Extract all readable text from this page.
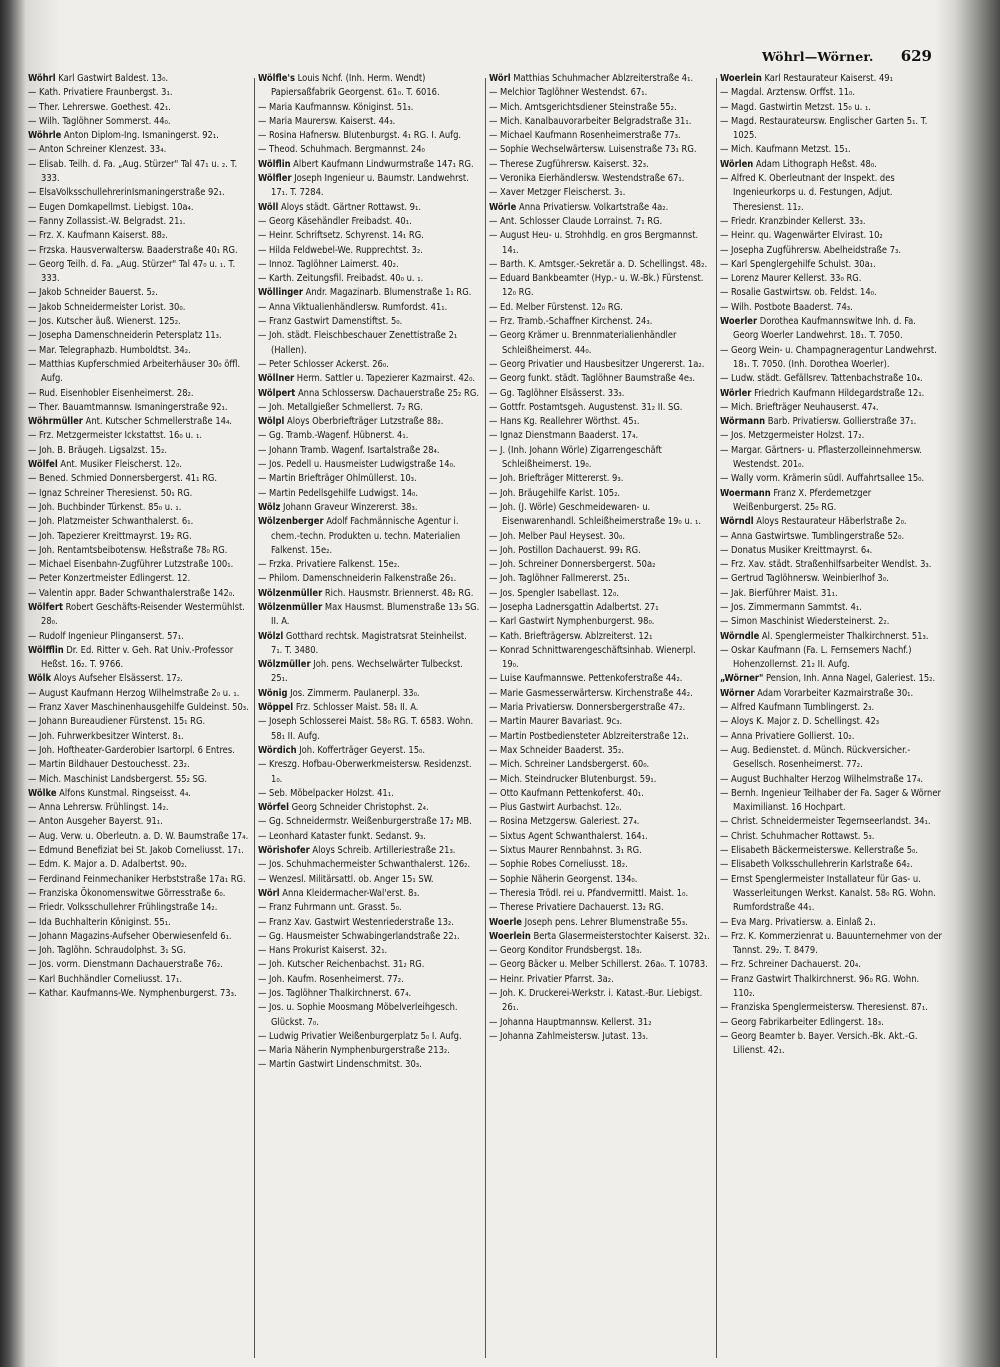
Wöhrl—Wörner. 629

Wöhrl Karl Gastwirt Baldest. 13₀.

— Kath. Privatiere Fraunbergst. 3₁.

— Ther. Lehrerswe. Goethest. 42₁.

— Wilh. Taglöhner Sommerst. 44₀.

Wöhrle Anton Diplom-Ing. Ismaningerst. 92₁.

— Anton Schreiner Klenzest. 33₄.

— Elisab. Teilh. d. Fa. „Aug. Stürzer" Tal 47₁ u. ₂. T. 333.

— ElsaVolksschullehrerinIsmaningerstraße 92₁.

— Eugen Domkapellmst. Liebigst. 10a₄.

— Fanny Zollassist.-W. Belgradst. 21₁.

— Frz. X. Kaufmann Kaiserst. 88₂.

— Frzska. Hausverwaltersw. Baaderstraße 40₁ RG.

— Georg Teilh. d. Fa. „Aug. Stürzer" Tal 47₀ u. ₁. T. 333.

— Jakob Schneider Bauerst. 5₂.

— Jakob Schneidermeister Lorist. 30₀.

— Jos. Kutscher äuß. Wienerst. 125₂.

— Josepha Damenschneiderin Petersplatz 11₃.

— Mar. Telegraphazb. Humboldtst. 34₂.

— Matthias Kupferschmied Arbeiterhäuser 30₀ öffl. Aufg.

— Rud. Eisenhobler Eisenheimerst. 28₂.

— Ther. Bauamtmannsw. Ismaningerstraße 92₁.

Wöhrmüller Ant. Kutscher Schmellerstraße 14₄.

— Frz. Metzgermeister Ickstattst. 16₀ u. ₁.

— Joh. B. Bräugeh. Ligsalzst. 15₂.

Wölfel Ant. Musiker Fleischerst. 12₀.

— Bened. Schmied Donnersbergerst. 41₁ RG.

— Ignaz Schreiner Theresienst. 50₁ RG.

— Joh. Buchbinder Türkenst. 85₀ u. ₁.

— Joh. Platzmeister Schwanthalerst. 6₁.

— Joh. Tapezierer Kreittmayrst. 19₂ RG.

— Joh. Rentamtsbeibotensw. Heßstraße 78₀ RG.

— Michael Eisenbahn-Zugführer Lutzstraße 100₁.

— Peter Konzertmeister Edlingerst. 12.

— Valentin appr. Bader Schwanthalerstraße 142₀.

Wölfert Robert Geschäfts-Reisender Westermühlst. 28₀.

— Rudolf Ingenieur Plinganserst. 57₁.

Wölfflin Dr. Ed. Ritter v. Geh. Rat Univ.-Professor Heßst. 16₂. T. 9766.

Wölk Aloys Aufseher Elsässerst. 17₂.

— August Kaufmann Herzog Wilhelmstraße 2₀ u. ₁.

— Franz Xaver Maschinenhausgehilfe Guldeinst. 50₃.

— Johann Bureaudiener Fürstenst. 15₁ RG.

— Joh. Fuhrwerkbesitzer Winterst. 8₁.

— Joh. Hoftheater-Garderobier Isartorpl. 6 Entres.

— Martin Bildhauer Destouchesst. 23₂.

— Mich. Maschinist Landsbergerst. 55₂ SG.

Wölke Alfons Kunstmal. Ringseisst. 4₄.

— Anna Lehrersw. Frühlingst. 14₂.

— Anton Ausgeher Bayerst. 91₁.

— Aug. Verw. u. Oberleutn. a. D. W. Baumstraße 17₄.

— Edmund Benefiziat bei St. Jakob Corneliusst. 17₁.

— Edm. K. Major a. D. Adalbertst. 90₂.

— Ferdinand Feinmechaniker Herbststraße 17a₁ RG.

— Franziska Ökonomenswitwe Görresstraße 6₀.

— Friedr. Volksschullehrer Frühlingstraße 14₂.

— Ida Buchhalterin Königinst. 55₁.

— Johann Magazins-Aufseher Oberwiesenfeld 6₁.

— Joh. Taglöhn. Schraudolphst. 3₁ SG.

— Jos. vorm. Dienstmann Dachauerstraße 76₂.

— Karl Buchhändler Corneliusst. 17₁.

— Kathar. Kaufmanns-We. Nymphenburgerst. 73₃.

Wölfle's Louis Nchf. (Inh. Herm. Wendt) Papiersaßfabrik Georgenst. 61₀. T. 6016.

— Maria Kaufmannsw. Königinst. 51₃.

— Maria Maurersw. Kaiserst. 44₃.

— Rosina Hafnersw. Blutenburgst. 4₁ RG. I. Aufg.

— Theod. Schuhmach. Bergmannst. 24₀

Wölflin Albert Kaufmann Lindwurmstraße 147₁ RG.

Wölfler Joseph Ingenieur u. Baumstr. Landwehrst. 17₁. T. 7284.

Wöll Aloys städt. Gärtner Rottawst. 9₁.

— Georg Käsehändler Freibadst. 40₁.

— Heinr. Schriftsetz. Schyrenst. 14₁ RG.

— Hilda Feldwebel-We. Rupprechtst. 3₂.

— Innoz. Taglöhner Laimerst. 40₂.

— Karth. Zeitungsfil. Freibadst. 40₀ u. ₁.

Wöllinger Andr. Magazinarb. Blumenstraße 1₁ RG.

— Anna Viktualienhändlersw. Rumfordst. 41₁.

— Franz Gastwirt Damenstiftst. 5₀.

— Joh. städt. Fleischbeschauer Zenettistraße 2₁ (Hallen).

— Peter Schlosser Ackerst. 26₀.

Wöllner Herm. Sattler u. Tapezierer Kazmairst. 42₀.

Wölpert Anna Schlossersw. Dachauerstraße 25₂ RG.

— Joh. Metallgießer Schmellerst. 7₂ RG.

Wölpl Aloys Oberbriefträger Lutzstraße 88₂.

— Gg. Tramb.-Wagenf. Hübnerst. 4₁.

— Johann Tramb. Wagenf. Isartalstraße 28₄.

— Jos. Pedell u. Hausmeister Ludwigstraße 14₀.

— Martin Briefträger Ohlmüllerst. 10₃.

— Martin Pedellsgehilfe Ludwigst. 14₀.

Wölz Johann Graveur Winzererst. 38₃.

Wölzenberger Adolf Fachmännische Agentur i. chem.-techn. Produkten u. techn. Materialien Falkenst. 15e₂.

— Frzka. Privatiere Falkenst. 15e₂.

— Philom. Damenschneiderin Falkenstraße 26₁.

Wölzenmüller Rich. Hausmstr. Briennerst. 48₂ RG.

Wölzenmüller Max Hausmst. Blumenstraße 13₃ SG. II. A.

Wölzl Gotthard rechtsk. Magistratsrat Steinheilst. 7₁. T. 3480.

Wölzmüller Joh. pens. Wechselwärter Tulbeckst. 25₁.

Wönig Jos. Zimmerm. Paulanerpl. 33₀.

Wöppel Frz. Schlosser Maist. 58₁ II. A.

— Joseph Schlosserei Maist. 58₀ RG. T. 6583. Wohn. 58₁ II. Aufg.

Wördich Joh. Kofferträger Geyerst. 15₀.

— Kreszg. Hofbau-Oberwerkmeistersw. Residenzst. 1₀.

— Seb. Möbelpacker Holzst. 41₁.

Wörfel Georg Schneider Christophst. 2₄.

— Gg. Schneidermstr. Weißenburgerstraße 17₂ MB.

— Leonhard Kataster funkt. Sedanst. 9₃.

Wörishofer Aloys Schreib. Artilleriestraße 21₃.

— Jos. Schuhmachermeister Schwanthalerst. 126₂.

— Wenzesl. Militärsattl. ob. Anger 15₁ SW.

Wörl Anna Kleidermacher-Wal'erst. 8₃.

— Franz Fuhrmann unt. Grasst. 5₀.

— Franz Xav. Gastwirt Westenriederstraße 13₂.

— Gg. Hausmeister Schwabingerlandstraße 22₁.

— Hans Prokurist Kaiserst. 32₁.

— Joh. Kutscher Reichenbachst. 31₂ RG.

— Joh. Kaufm. Rosenheimerst. 77₂.

— Jos. Taglöhner Thalkirchnerst. 67₄.

— Jos. u. Sophie Moosmang Möbelverleihgesch. Glückst. 7₀.

— Ludwig Privatier Weißenburgerplatz 5₀ I. Aufg.

— Maria Näherin Nymphenburgerstraße 213₂.

— Martin Gastwirt Lindenschmitst. 30₃.

Wörl Matthias Schuhmacher Ablzreiterstraße 4₁.

— Melchior Taglöhner Westendst. 67₁.

— Mich. Amtsgerichtsdiener Steinstraße 55₂.

— Mich. Kanalbauvorarbeiter Belgradstraße 31₁.

— Michael Kaufmann Rosenheimerstraße 77₃.

— Sophie Wechselwärtersw. Luisenstraße 73₁ RG.

— Therese Zugführersw. Kaiserst. 32₃.

— Veronika Eierhändlersw. Westendstraße 67₁.

— Xaver Metzger Fleischerst. 3₁.

Wörle Anna Privatiersw. Volkartstraße 4a₂.

— Ant. Schlosser Claude Lorrainst. 7₁ RG.

— August Heu- u. Strohhdlg. en gros Bergmannst. 14₁.

— Barth. K. Amtsger.-Sekretär a. D. Schellingst. 48₂.

— Eduard Bankbeamter (Hyp.- u. W.-Bk.) Fürstenst. 12₀ RG.

— Ed. Melber Fürstenst. 12₀ RG.

— Frz. Tramb.-Schaffner Kirchenst. 24₃.

— Georg Krämer u. Brennmaterialienhändler Schleißheimerst. 44₀.

— Georg Privatier und Hausbesitzer Ungererst. 1a₂.

— Georg funkt. städt. Taglöhner Baumstraße 4e₃.

— Gg. Taglöhner Elsässerst. 33₃.

— Gottfr. Postamtsgeh. Augustenst. 31₂ II. SG.

— Hans Kg. Reallehrer Wörthst. 45₁.

— Ignaz Dienstmann Baaderst. 17₄.

— J. (Inh. Johann Wörle) Zigarrengeschäft Schleißheimerst. 19₀.

— Joh. Briefträger Mittererst. 9₃.

— Joh. Bräugehilfe Karlst. 105₂.

— Joh. (J. Wörle) Geschmeidewaren- u. Eisenwarenhandl. Schleißheimerstraße 19₀ u. ₁.

— Joh. Melber Paul Heysest. 30₀.

— Joh. Postillon Dachauerst. 99₁ RG.

— Joh. Schreiner Donnersbergerst. 50a₂

— Joh. Taglöhner Fallmererst. 25₁.

— Jos. Spengler Isabellast. 12₀.

— Josepha Ladnersgattin Adalbertst. 27₁

— Karl Gastwirt Nymphenburgerst. 98₀.

— Kath. Briefträgersw. Ablzreiterst. 12₁

— Konrad Schnittwarengeschäftsinhab. Wienerpl. 19₀.

— Luise Kaufmannswe. Pettenkoferstraße 44₂.

— Marie Gasmesserwärtersw. Kirchenstraße 44₂.

— Maria Privatiersw. Donnersbergerstraße 47₂.

— Martin Maurer Bavariast. 9c₃.

— Martin Postbediensteter Ablzreiterstraße 12₁.

— Max Schneider Baaderst. 35₂.

— Mich. Schreiner Landsbergerst. 60₀.

— Mich. Steindrucker Blutenburgst. 59₁.

— Otto Kaufmann Pettenkoferst. 40₁.

— Pius Gastwirt Aurbachst. 12₀.

— Rosina Metzgersw. Galeriest. 27₄.

— Sixtus Agent Schwanthalerst. 164₁.

— Sixtus Maurer Rennbahnst. 3₁ RG.

— Sophie Robes Corneliusst. 18₂.

— Sophie Näherin Georgenst. 134₀.

— Theresia Trödl. rei u. Pfandvermittl. Maist. 1₀.

— Therese Privatiere Dachauerst. 13₂ RG.

Woerle Joseph pens. Lehrer Blumenstraße 55₃.

Woerlein Berta Glasermeisterstochter Kaiserst. 32₁.

— Georg Konditor Frundsbergst. 18₃.

— Georg Bäcker u. Melber Schillerst. 26a₀. T. 10783.

— Heinr. Privatier Pfarrst. 3a₂.

— Joh. K. Druckerei-Werkstr. i. Katast.-Bur. Liebigst. 26₁.

— Johanna Hauptmannsw. Kellerst. 31₂

— Johanna Zahlmeistersw. Jutast. 13₃.

Woerlein Karl Restaurateur Kaiserst. 49₁

— Magdal. Arztensw. Orffst. 11₀.

— Magd. Gastwirtin Metzst. 15₀ u. ₁.

— Magd. Restaurateursw. Englischer Garten 5₁. T. 1025.

— Mich. Kaufmann Metzst. 15₁.

Wörlen Adam Lithograph Heßst. 48₀.

— Alfred K. Oberleutnant der Inspekt. des Ingenieurkorps u. d. Festungen, Adjut. Theresienst. 11₂.

— Friedr. Kranzbinder Kellerst. 33₃.

— Heinr. qu. Wagenwärter Elvirast. 10₂

— Josepha Zugführersw. Abelheidstraße 7₃.

— Karl Spenglergehilfe Schulst. 30a₁.

— Lorenz Maurer Kellerst. 33₀ RG.

— Rosalie Gastwirtsw. ob. Feldst. 14₀.

— Wilh. Postbote Baaderst. 74₃.

Woerler Dorothea Kaufmannswitwe Inh. d. Fa. Georg Woerler Landwehrst. 18₁. T. 7050.

— Georg Wein- u. Champagneragentur Landwehrst. 18₁. T. 7050. (Inh. Dorothea Woerler).

— Ludw. städt. Gefällsrev. Tattenbachstraße 10₄.

Wörler Friedrich Kaufmann Hildegardstraße 12₁.

— Mich. Briefträger Neuhauserst. 47₄.

Wörmann Barb. Privatiersw. Gollierstraße 37₁.

— Jos. Metzgermeister Holzst. 17₂.

— Margar. Gärtners- u. Pflasterzolleinnehmersw. Westendst. 201₀.

— Wally vorm. Krämerin südl. Auffahrtsallee 15₀.

Woermann Franz X. Pferdemetzger Weißenburgerst. 25₀ RG.

Wörndl Aloys Restaurateur Häberlstraße 2₀.

— Anna Gastwirtswe. Tumblingerstraße 52₀.

— Donatus Musiker Kreittmayrst. 6₄.

— Frz. Xav. städt. Straßenhilfsarbeiter Wendlst. 3₃.

— Gertrud Taglöhnersw. Weinbierlhof 3₀.

— Jak. Bierführer Maist. 31₁.

— Jos. Zimmermann Sammtst. 4₁.

— Simon Maschinist Wiedersteinerst. 2₂.

Wörndle Al. Spenglermeister Thalkirchnerst. 51₃.

— Oskar Kaufmann (Fa. L. Fernsemers Nachf.) Hohenzollernst. 21₂ II. Aufg.

„Wörner" Pension, Inh. Anna Nagel, Galeriest. 15₂.

Wörner Adam Vorarbeiter Kazmairstraße 30₁.

— Alfred Kaufmann Tumblingerst. 2₃.

— Aloys K. Major z. D. Schellingst. 42₃

— Anna Privatiere Gollierst. 10₂.

— Aug. Bedienstet. d. Münch. Rückversicher.-Gesellsch. Rosenheimerst. 77₂.

— August Buchhalter Herzog Wilhelmstraße 17₄.

— Bernh. Ingenieur Teilhaber der Fa. Sager & Wörner Maximilianst. 16 Hochpart.

— Christ. Schneidermeister Tegernseerlandst. 34₁.

— Christ. Schuhmacher Rottawst. 5₃.

— Elisabeth Bäckermeisterswe. Kellerstraße 5₀.

— Elisabeth Volksschullehrerin Karlstraße 64₂.

— Ernst Spenglermeister Installateur für Gas- u. Wasserleitungen Werkst. Kanalst. 58₀ RG. Wohn. Rumfordstraße 44₁.

— Eva Marg. Privatiersw. a. Einlaß 2₁.

— Frz. K. Kommerzienrat u. Bauunternehmer von der Tannst. 29₂. T. 8479.

— Frz. Schreiner Dachauerst. 20₄.

— Franz Gastwirt Thalkirchnerst. 96₀ RG. Wohn. 110₂.

— Franziska Spenglermeistersw. Theresienst. 87₁.

— Georg Fabrikarbeiter Edlingerst. 18₃.

— Georg Beamter b. Bayer. Versich.-Bk. Akt.-G. Lilienst. 42₁.
